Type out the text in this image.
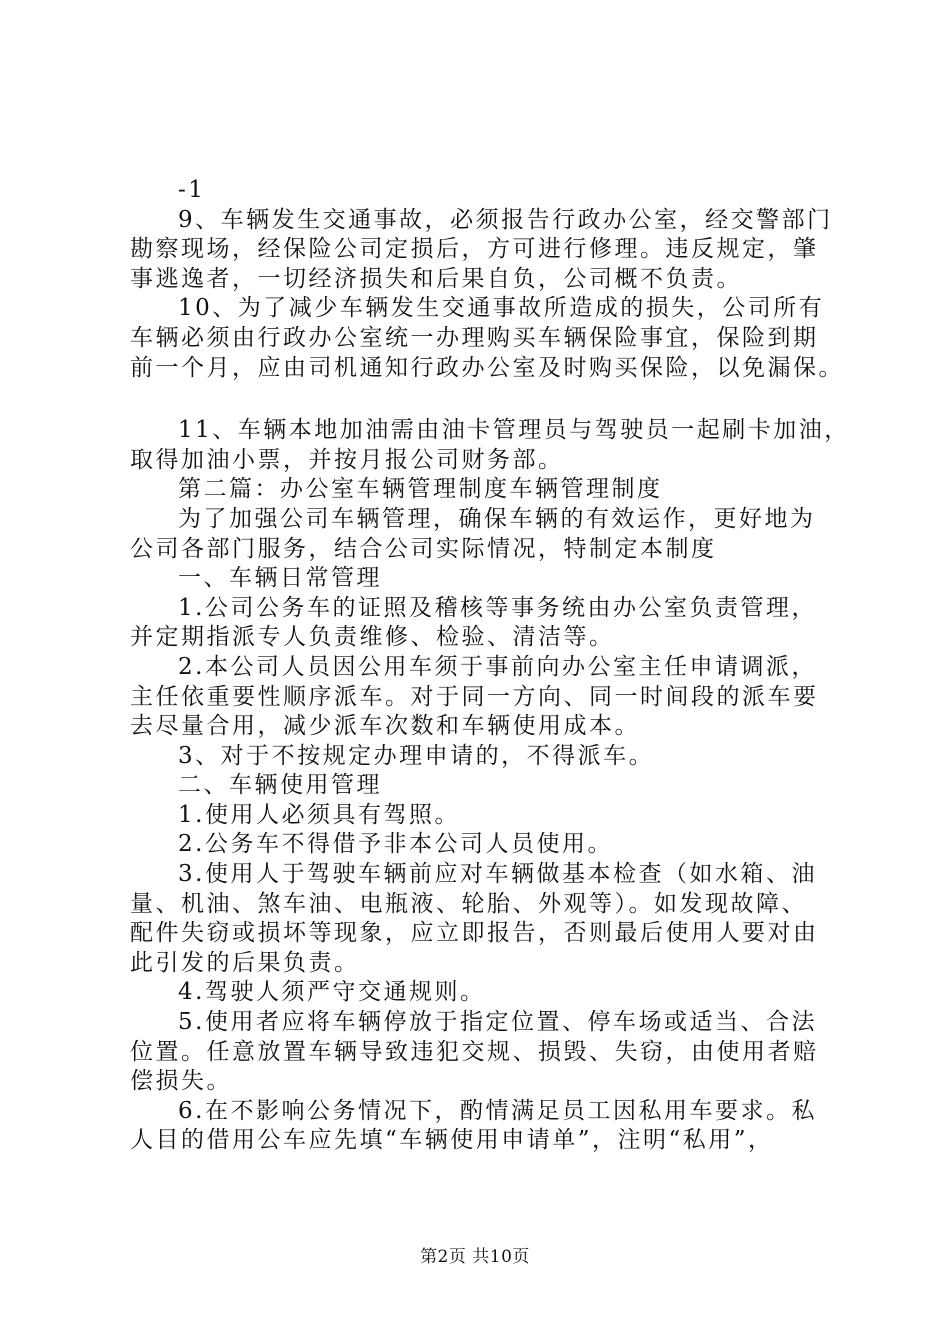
-1
9、车辆发生交通事故，必须报告行政办公室，经交警部门
勘察现场，经保险公司定损后，方可进行修理。违反规定，肇
事逃逸者，一切经济损失和后果自负，公司概不负责。
10、为了减少车辆发生交通事故所造成的损失，公司所有
车辆必须由行政办公室统一办理购买车辆保险事宜，保险到期
前一个月，应由司机通知行政办公室及时购买保险，以免漏保。
11、车辆本地加油需由油卡管理员与驾驶员一起刷卡加油，
取得加油小票，并按月报公司财务部。
第二篇：办公室车辆管理制度车辆管理制度
为了加强公司车辆管理，确保车辆的有效运作，更好地为
公司各部门服务，结合公司实际情况，特制定本制度
一、车辆日常管理
1.公司公务车的证照及稽核等事务统由办公室负责管理，
并定期指派专人负责维修、检验、清洁等。
2.本公司人员因公用车须于事前向办公室主任申请调派，
主任依重要性顺序派车。对于同一方向、同一时间段的派车要
去尽量合用，减少派车次数和车辆使用成本。
3、对于不按规定办理申请的，不得派车。
二、车辆使用管理
1.使用人必须具有驾照。
2.公务车不得借予非本公司人员使用。
3.使用人于驾驶车辆前应对车辆做基本检查（如水箱、油
量、机油、煞车油、电瓶液、轮胎、外观等）。如发现故障、
配件失窃或损坏等现象，应立即报告，否则最后使用人要对由
此引发的后果负责。
4.驾驶人须严守交通规则。
5.使用者应将车辆停放于指定位置、停车场或适当、合法
位置。任意放置车辆导致违犯交规、损毁、失窃，由使用者赔
偿损失。
6.在不影响公务情况下，酌情满足员工因私用车要求。私
人目的借用公车应先填“车辆使用申请单”，注明“私用”，
第2页 共10页
